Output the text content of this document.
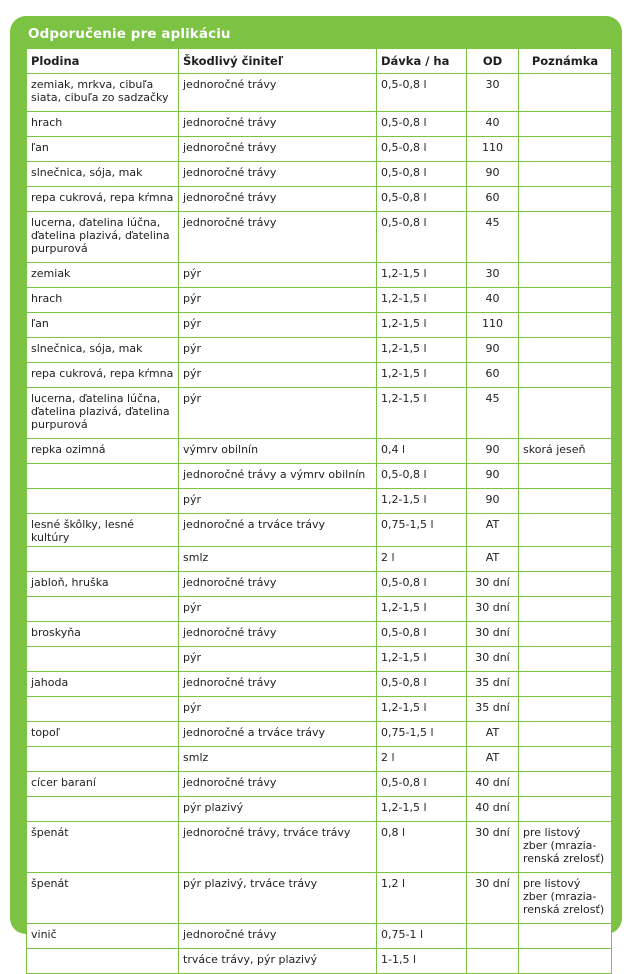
Odporučenie pre aplikáciu
Plodina	Škodlivý činiteľ	Dávka / ha	OD	Poznámka
zemiak, mrkva, cibuľa siata, cibuľa zo sadzačky	jednoročné trávy	0,5-0,8 l	30	
hrach	jednoročné trávy	0,5-0,8 l	40	
ľan	jednoročné trávy	0,5-0,8 l	110	
slnečnica, sója, mak	jednoročné trávy	0,5-0,8 l	90	
repa cukrová, repa kŕmna	jednoročné trávy	0,5-0,8 l	60	
lucerna, ďatelina lúčna, ďatelina plazivá, ďatelina purpurová	jednoročné trávy	0,5-0,8 l	45	
zemiak	pýr	1,2-1,5 l	30	
hrach	pýr	1,2-1,5 l	40	
ľan	pýr	1,2-1,5 l	110	
slnečnica, sója, mak	pýr	1,2-1,5 l	90	
repa cukrová, repa kŕmna	pýr	1,2-1,5 l	60	
lucerna, ďatelina lúčna, ďatelina plazivá, ďatelina purpurová	pýr	1,2-1,5 l	45	
repka ozimná	výmrv obilnín	0,4 l	90	skorá jeseň
	jednoročné trávy a výmrv obilnín	0,5-0,8 l	90	
	pýr	1,2-1,5 l	90	
lesné škôlky, lesné kultúry	jednoročné a trváce trávy	0,75-1,5 l	AT	
	smlz	2 l	AT	
jabloň, hruška	jednoročné trávy	0,5-0,8 l	30 dní	
	pýr	1,2-1,5 l	30 dní	
broskyňa	jednoročné trávy	0,5-0,8 l	30 dní	
	pýr	1,2-1,5 l	30 dní	
jahoda	jednoročné trávy	0,5-0,8 l	35 dní	
	pýr	1,2-1,5 l	35 dní	
topoľ	jednoročné a trváce trávy	0,75-1,5 l	AT	
	smlz	2 l	AT	
cícer baraní	jednoročné trávy	0,5-0,8 l	40 dní	
	pýr plazivý	1,2-1,5 l	40 dní	
špenát	jednoročné trávy, trváce trávy	0,8 l	30 dní	pre listový zber (mrazia-renská zrelosť)
špenát	pýr plazivý, trváce trávy	1,2 l	30 dní	pre listový zber (mrazia-renská zrelosť)
vinič	jednoročné trávy	0,75-1 l		
	trváce trávy, pýr plazivý	1-1,5 l		
